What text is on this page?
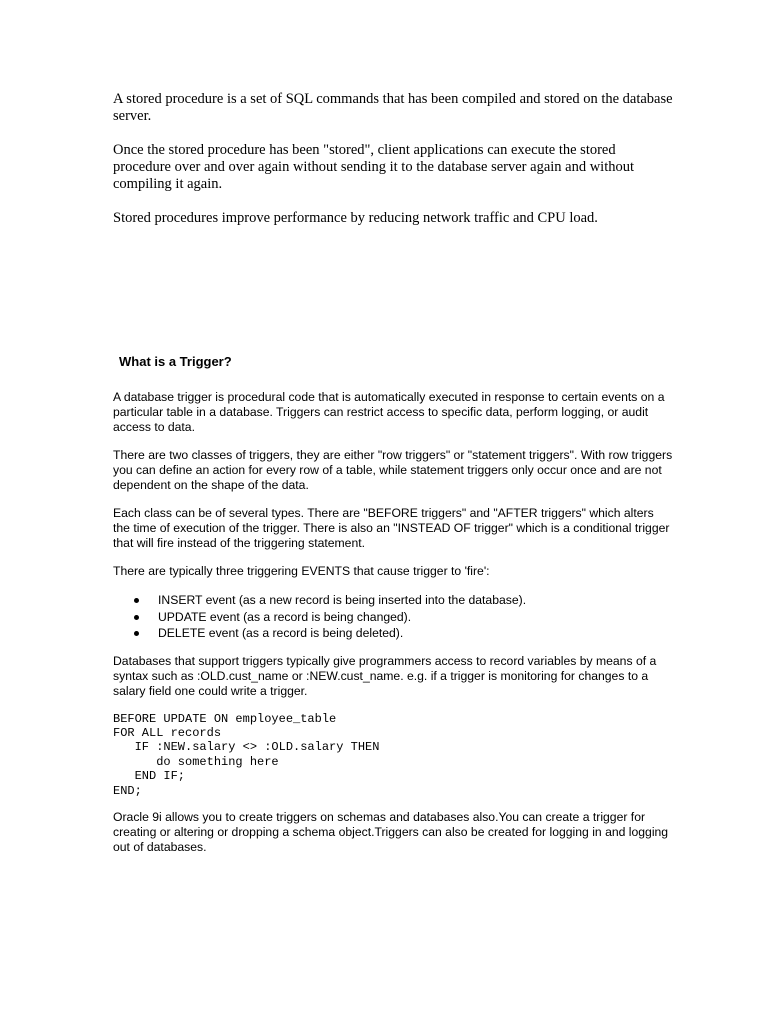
A stored procedure is a set of SQL commands that has been compiled and stored on the database server.

Once the stored procedure has been "stored", client applications can execute the stored procedure over and over again without sending it to the database server again and without compiling it again.

Stored procedures improve performance by reducing network traffic and CPU load.

What is a Trigger?

A database trigger is procedural code that is automatically executed in response to certain events on a particular table in a database. Triggers can restrict access to specific data, perform logging, or audit access to data.

There are two classes of triggers, they are either "row triggers" or "statement triggers". With row triggers you can define an action for every row of a table, while statement triggers only occur once and are not dependent on the shape of the data.

Each class can be of several types. There are "BEFORE triggers" and "AFTER triggers" which alters the time of execution of the trigger. There is also an "INSTEAD OF trigger" which is a conditional trigger that will fire instead of the triggering statement.

There are typically three triggering EVENTS that cause trigger to 'fire':

INSERT event (as a new record is being inserted into the database).
UPDATE event (as a record is being changed).
DELETE event (as a record is being deleted).

Databases that support triggers typically give programmers access to record variables by means of a syntax such as :OLD.cust_name or :NEW.cust_name. e.g. if a trigger is monitoring for changes to a salary field one could write a trigger.

BEFORE UPDATE ON employee_table
FOR ALL records
IF :NEW.salary <> :OLD.salary THEN
do something here
END IF;
END;

Oracle 9i allows you to create triggers on schemas and databases also.You can create a trigger for creating or altering or dropping a schema object.Triggers can also be created for logging in and logging out of databases.
